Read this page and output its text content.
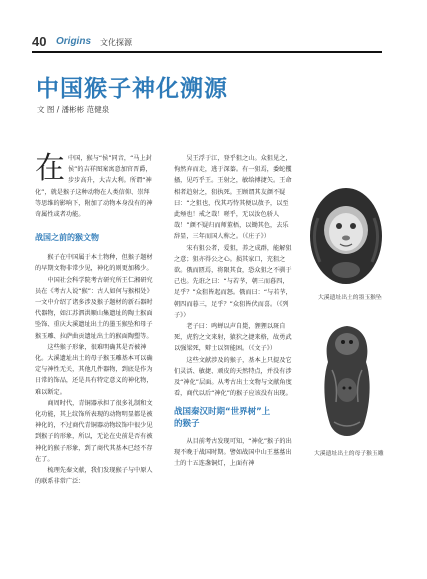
40 Origins 文化探源
中国猴子神化溯源
文 图 / 潘彬彬 范健泉

在中国，猴与“侯”同音，“马上封侯”的吉祥图案寓意加官晋爵，步步高升，大吉大利。所谓“神化”，就是猴子这种动物在人类信仰、崇拜等思维的影响下，附加了动物本身没有的神奇属性或者功能。

战国之前的猴文物

猴子在中国属于本土物种，但猴子题材的早期文物非常少见，神化的则更加稀少。

中国社会科学院考古研究所王仁湘研究员在《考古人说“猴”：古人如何与猴相处》一文中介绍了诸多涉及猴子题材的新石器时代器物，如江苏泗洪顺山集遗址的陶土猴面坠饰、重庆大溪遗址出土的墨玉猴坠和母子猴玉雕、拉萨曲贡遗址出土的猴面陶塑等。

这些猴子形象，很难明确其是否被神化。大溪遗址出土的母子猴玉雕基本可以确定与神性无关，其他几件器物，到底是作为日常的饰品，还是具有特定意义的神化物，难以断定。

商周时代，青铜器承担了很多礼制和文化功能，其上纹饰所表现的动物明显都是被神化的，不过商代青铜器动物纹饰中很少见到猴子的形象，所以，无论在史前是否有被神化的猴子形象，到了商代其基本已经不存在了。

梳理先秦文献，我们发现猴子与中原人的联系非常广泛：

吴王浮于江，登乎狙之山。众狙见之，恂然弃而走，逃于深蓁。有一狙焉，委蛇攫搔，见巧乎王。王射之，敏给搏捷矢。王命相者趋射之，狙执死。王顾谓其友颜不疑曰：“之狙也，伐其巧恃其便以敖予，以至此殛也！戒之哉！嗟乎，无以汝色骄人哉！”颜不疑归而师董梧，以锄其色，去乐辞显，三年而国人称之。（《庄子》）

宋有狙公者，爱狙，养之成群，能解狙之意；狙亦得公之心。损其家口，充狙之欲。俄而匮焉，将限其食，恐众狙之不驯于己也。先诳之曰：“与若芧，朝三而暮四，足乎？”众狙皆起而怒。俄而曰：“与若芧，朝四而暮三，足乎？”众狙皆伏而喜。（《列子》）

老子曰：鸣蝉以声自毙，貍狸以斑自死，虎豹之文来射，猿狖之捷来格，故勇武以强梁死，辩士以智能困。（《文子》）

这些文献涉及的猴子，基本上只提及它们灵活、敏捷、顽皮的天然特点，并没有涉及“神化”层面。从考古出土文物与文献角度看，商代以后“神化”的猴子应该没有出现。

战国秦汉时期“世界树”上
的猴子

从目前考古发现可知，“神化”猴子的出现不晚于战国时期。譬如战国中山王墓墓出土的十五连盏铜灯，上面有神

大溪遗址出土的墨玉猴坠
大溪遗址出土的母子猴玉雕
